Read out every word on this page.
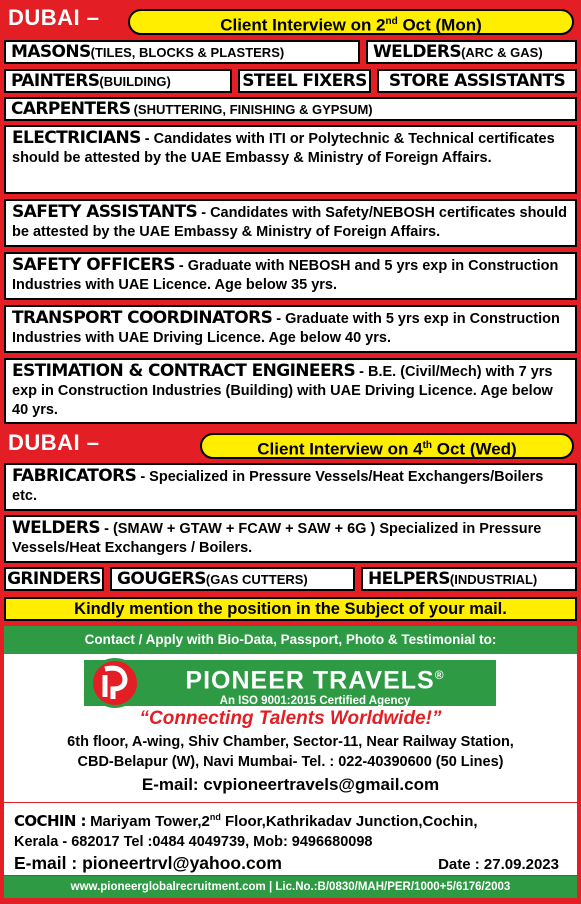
DUBAI –	Client Interview on 2nd Oct (Mon)
MASONS (TILES, BLOCKS & PLASTERS)	WELDERS (ARC & GAS)
PAINTERS (BUILDING)	STEEL FIXERS STORE ASSISTANTS
CARPENTERS (SHUTTERING, FINISHING & GYPSUM)

ELECTRICIANS - Candidates with ITI or Polytechnic & Technical certificates should be attested by the UAE Embassy & Ministry of Foreign Affairs.

SAFETY ASSISTANTS - Candidates with Safety/NEBOSH certificates should be attested by the UAE Embassy & Ministry of Foreign Affairs.

SAFETY OFFICERS - Graduate with NEBOSH and 5 yrs exp in Construction Industries with UAE Licence. Age below 35 yrs.

TRANSPORT COORDINATORS - Graduate with 5 yrs exp in Construction Industries with UAE Driving Licence. Age below 40 yrs.

ESTIMATION & CONTRACT ENGINEERS - B.E. (Civil/Mech) with 7 yrs exp in Construction Industries (Building) with UAE Driving Licence. Age below 40 yrs.

DUBAI –	Client Interview on 4th Oct (Wed)

FABRICATORS - Specialized in Pressure Vessels/Heat Exchangers/Boilers etc.

WELDERS - (SMAW + GTAW + FCAW + SAW + 6G ) Specialized in Pressure Vessels/Heat Exchangers / Boilers.

GRINDERS GOUGERS (GAS CUTTERS)	HELPERS (INDUSTRIAL)
Kindly mention the position in the Subject of your mail.
Contact / Apply with Bio-Data, Passport, Photo & Testimonial to:
PIONEER TRAVELS®
An ISO 9001:2015 Certified Agency
“Connecting Talents Worldwide!”
6th floor, A-wing, Shiv Chamber, Sector-11, Near Railway Station,
CBD-Belapur (W), Navi Mumbai- Tel. : 022-40390600 (50 Lines)
E-mail: cvpioneertravels@gmail.com
COCHIN : Mariyam Tower,2nd Floor,Kathrikadav Junction,Cochin,
Kerala - 682017 Tel :0484 4049739, Mob: 9496680098
E-mail : pioneertrvl@yahoo.com	Date : 27.09.2023
www.pioneerglobalrecruitment.com | Lic.No.:B/0830/MAH/PER/1000+5/6176/2003
